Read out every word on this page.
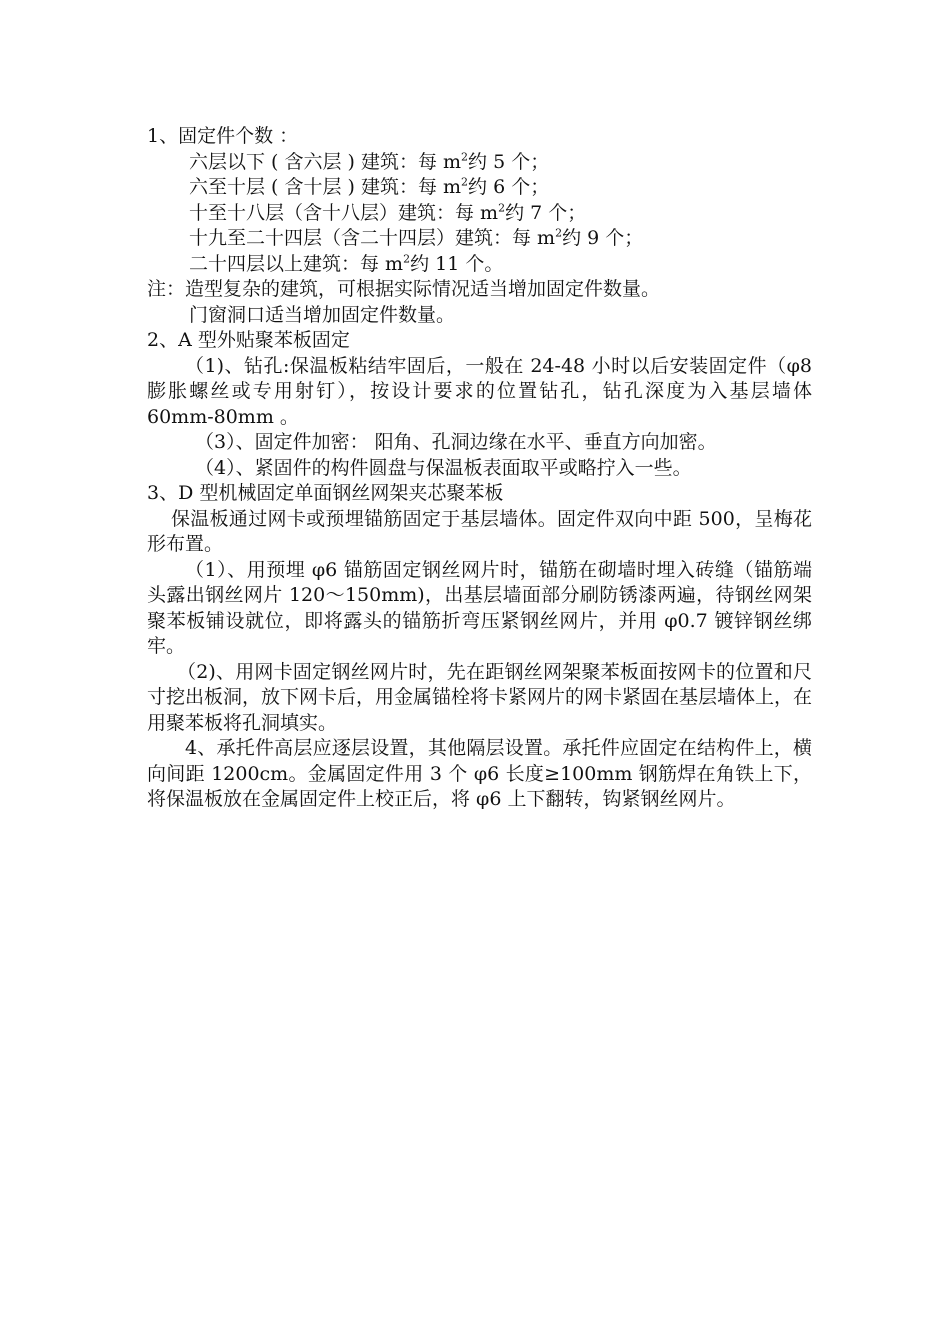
1、固定件个数 ：
六层以下 ( 含六层 ) 建筑：每 $m^2$约 5 个；
六至十层 ( 含十层 ) 建筑：每 $m^2$约 6 个；
十至十八层（含十八层）建筑：每 $m^2$约 7 个；
十九至二十四层（含二十四层）建筑：每 $m^2$约 9 个；
二十四层以上建筑：每 $m^2$约 11 个。
注：造型复杂的建筑，可根据实际情况适当增加固定件数量。
门窗洞口适当增加固定件数量。
2、A 型外贴聚苯板固定
（1)、钻孔:保温板粘结牢固后，一般在 24-48 小时以后安装固定件（φ8 膨胀螺丝或专用射钉），按设计要求的位置钻孔，钻孔深度为入基层墙体 60mm-80mm 。
（3）、固定件加密： 阳角、孔洞边缘在水平、垂直方向加密。
（4）、紧固件的构件圆盘与保温板表面取平或略拧入一些。
3、D 型机械固定单面钢丝网架夹芯聚苯板
保温板通过网卡或预埋锚筋固定于基层墙体。固定件双向中距 500，呈梅花形布置。
（1）、用预埋 φ6 锚筋固定钢丝网片时，锚筋在砌墙时埋入砖缝（锚筋端头露出钢丝网片 120～150mm)，出基层墙面部分刷防锈漆两遍，待钢丝网架聚苯板铺设就位，即将露头的锚筋折弯压紧钢丝网片，并用 φ0.7 镀锌钢丝绑牢。
（2)、用网卡固定钢丝网片时，先在距钢丝网架聚苯板面按网卡的位置和尺寸挖出板洞，放下网卡后，用金属锚栓将卡紧网片的网卡紧固在基层墙体上，在用聚苯板将孔洞填实。
4、承托件高层应逐层设置，其他隔层设置。承托件应固定在结构件上，横向间距 1200cm。金属固定件用 3 个 φ6 长度≥100mm 钢筋焊在角铁上下，将保温板放在金属固定件上校正后，将 φ6 上下翻转，钩紧钢丝网片。
